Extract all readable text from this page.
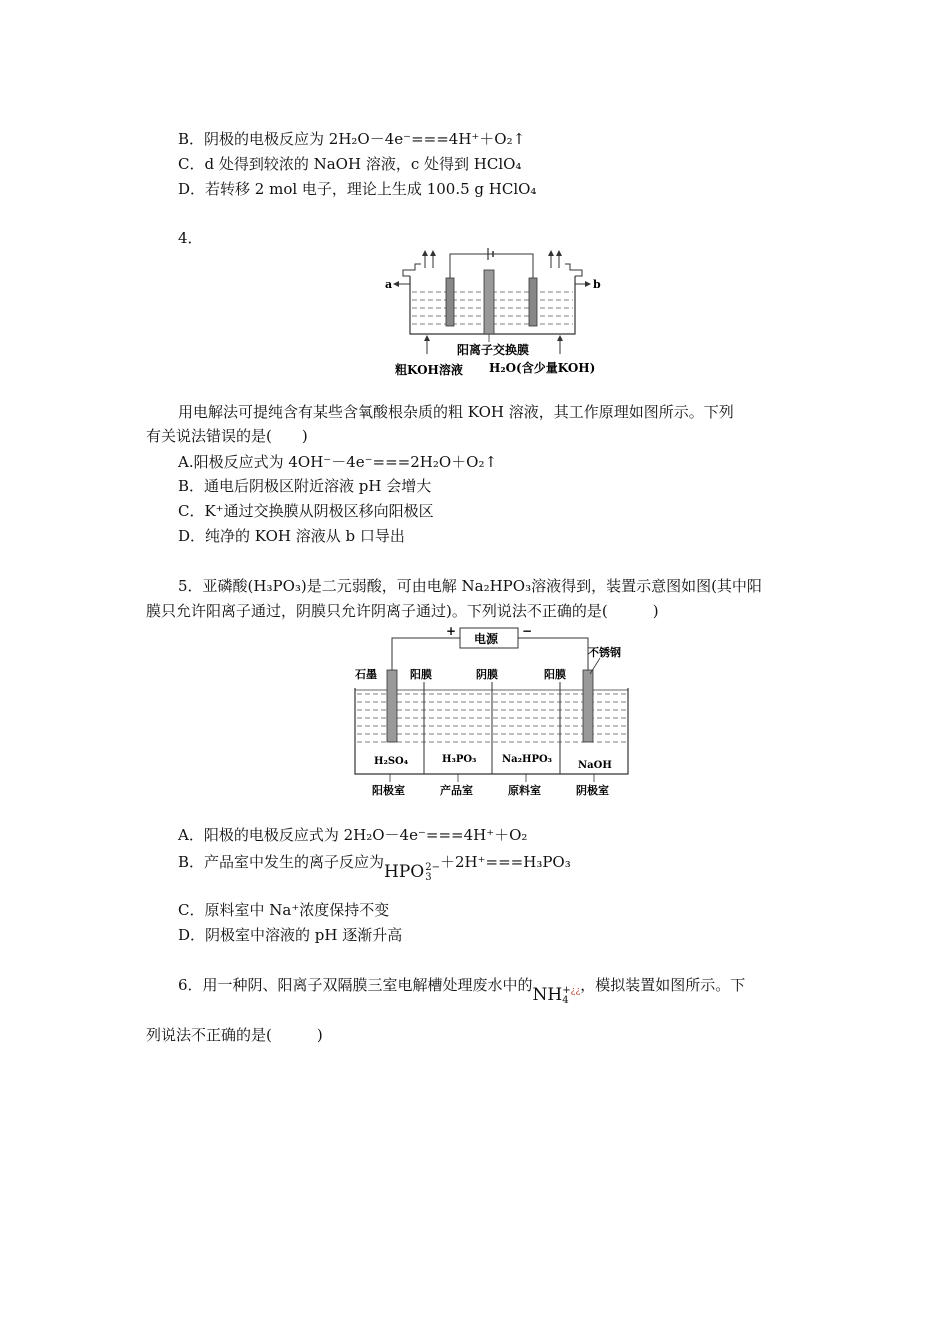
B．阴极的电极反应为 2H₂O－4e⁻===4H⁺＋O₂↑
C．d 处得到较浓的 NaOH 溶液，c 处得到 HClO₄
D．若转移 2 mol 电子，理论上生成 100.5 g HClO₄
4．
a	b
阳离子交换膜
粗KOH溶液 H₂O(含少量KOH)
用电解法可提纯含有某些含氧酸根杂质的粗 KOH 溶液，其工作原理如图所示。下列
有关说法错误的是(　　)
A.阳极反应式为 4OH⁻－4e⁻===2H₂O＋O₂↑
B．通电后阴极区附近溶液 pH 会增大
C．K⁺通过交换膜从阴极区移向阳极区
D．纯净的 KOH 溶液从 b 口导出
5．亚磷酸(H₃PO₃)是二元弱酸，可由电解 Na₂HPO₃溶液得到，装置示意图如图(其中阳
膜只允许阳离子通过，阴膜只允许阴离子通过)。下列说法不正确的是(　　　)
电源
+	−
石墨
不锈钢
阳膜	阴膜	阳膜
H₂SO₄	H₃PO₃	Na₂HPO₃
NaOH
阳极室	产品室	原料室	阴极室
A．阳极的电极反应式为 2H₂O－4e⁻===4H⁺＋O₂
B．产品室中发生的离子反应为HPO 2−
3
＋2H⁺===H₃PO₃
C．原料室中 Na⁺浓度保持不变
D．阴极室中溶液的 pH 逐渐升高
6．用一种阴、阳离子双隔膜三室电解槽处理废水中的NH +¿¿
4
，模拟装置如图所示。下
列说法不正确的是(　　　)
